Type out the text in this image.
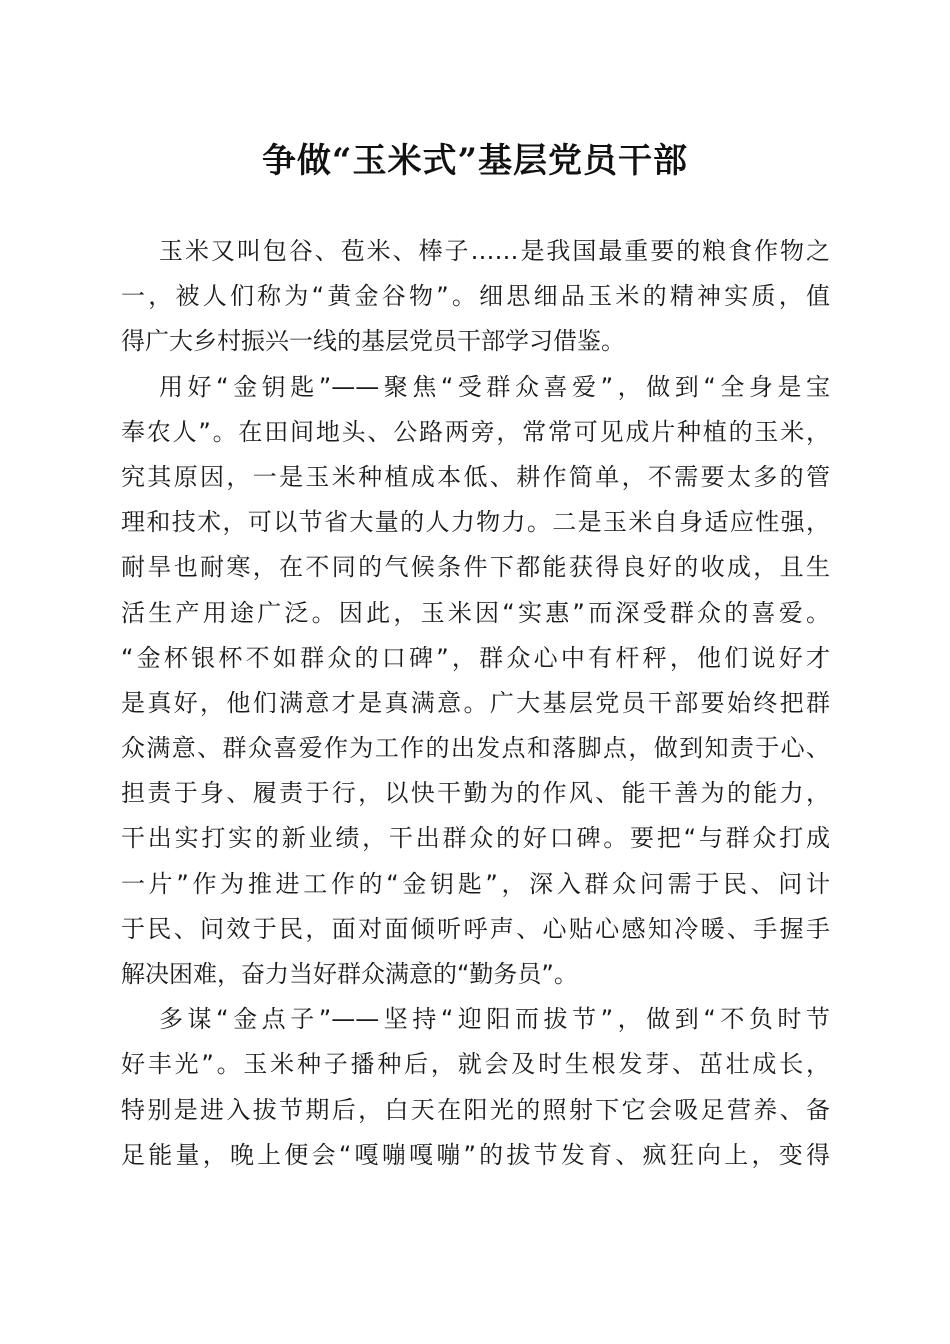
争做“玉米式”基层党员干部
玉米又叫包谷、苞米、棒子……是我国最重要的粮食作物之
一，被人们称为“黄金谷物”。细思细品玉米的精神实质，值
得广大乡村振兴一线的基层党员干部学习借鉴。
用好“金钥匙”——聚焦“受群众喜爱”，做到“全身是宝
奉农人”。在田间地头、公路两旁，常常可见成片种植的玉米，
究其原因，一是玉米种植成本低、耕作简单，不需要太多的管
理和技术，可以节省大量的人力物力。二是玉米自身适应性强，
耐旱也耐寒，在不同的气候条件下都能获得良好的收成，且生
活生产用途广泛。因此，玉米因“实惠”而深受群众的喜爱。
“金杯银杯不如群众的口碑”，群众心中有杆秤，他们说好才
是真好，他们满意才是真满意。广大基层党员干部要始终把群
众满意、群众喜爱作为工作的出发点和落脚点，做到知责于心、
担责于身、履责于行，以快干勤为的作风、能干善为的能力，
干出实打实的新业绩，干出群众的好口碑。要把“与群众打成
一片”作为推进工作的“金钥匙”，深入群众问需于民、问计
于民、问效于民，面对面倾听呼声、心贴心感知冷暖、手握手
解决困难，奋力当好群众满意的“勤务员”。
多谋“金点子”——坚持“迎阳而拔节”，做到“不负时节
好丰光”。玉米种子播种后，就会及时生根发芽、茁壮成长，
特别是进入拔节期后，白天在阳光的照射下它会吸足营养、备
足能量，晚上便会“嘎嘣嘎嘣”的拔节发育、疯狂向上，变得
